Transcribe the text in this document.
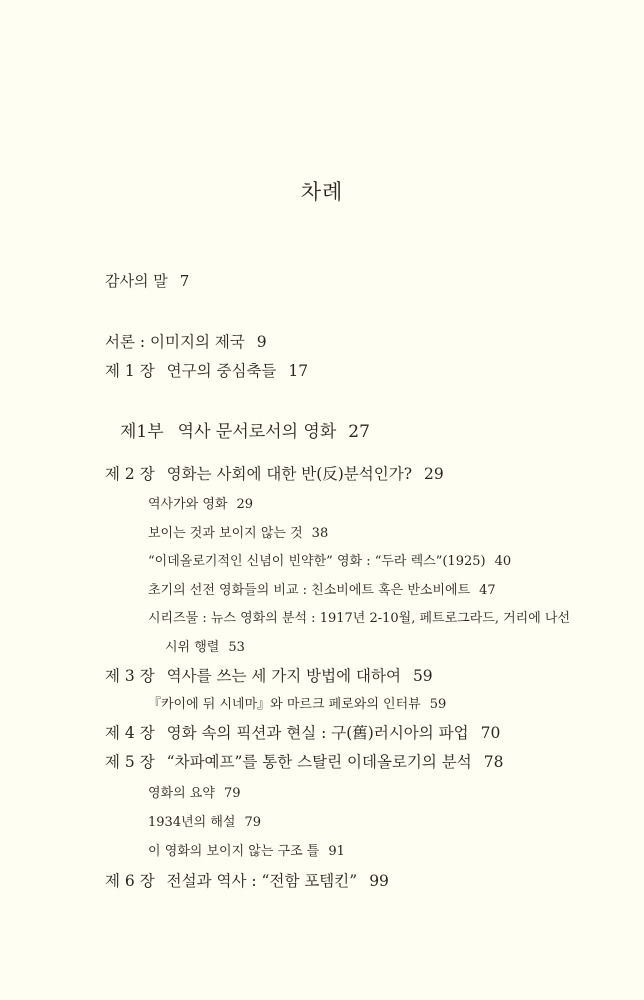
차례
감사의 말 7
서론 : 이미지의 제국 9
제 1 장 연구의 중심축들 17
제1부 역사 문서로서의 영화 27
제 2 장 영화는 사회에 대한 반(反)분석인가? 29
역사가와 영화 29
보이는 것과 보이지 않는 것 38
“이데올로기적인 신념이 빈약한” 영화 : “두라 렉스”(1925) 40
초기의 선전 영화들의 비교 : 친소비에트 혹은 반소비에트 47
시리즈물 : 뉴스 영화의 분석 : 1917년 2-10월, 페트로그라드, 거리에 나선
시위 행렬 53
제 3 장 역사를 쓰는 세 가지 방법에 대하여 59
『카이에 뒤 시네마』와 마르크 페로와의 인터뷰 59
제 4 장 영화 속의 픽션과 현실 : 구(舊)러시아의 파업 70
제 5 장 “차파예프”를 통한 스탈린 이데올로기의 분석 78
영화의 요약 79
1934년의 해설 79
이 영화의 보이지 않는 구조 틀 91
제 6 장 전설과 역사 : “전함 포템킨” 99
